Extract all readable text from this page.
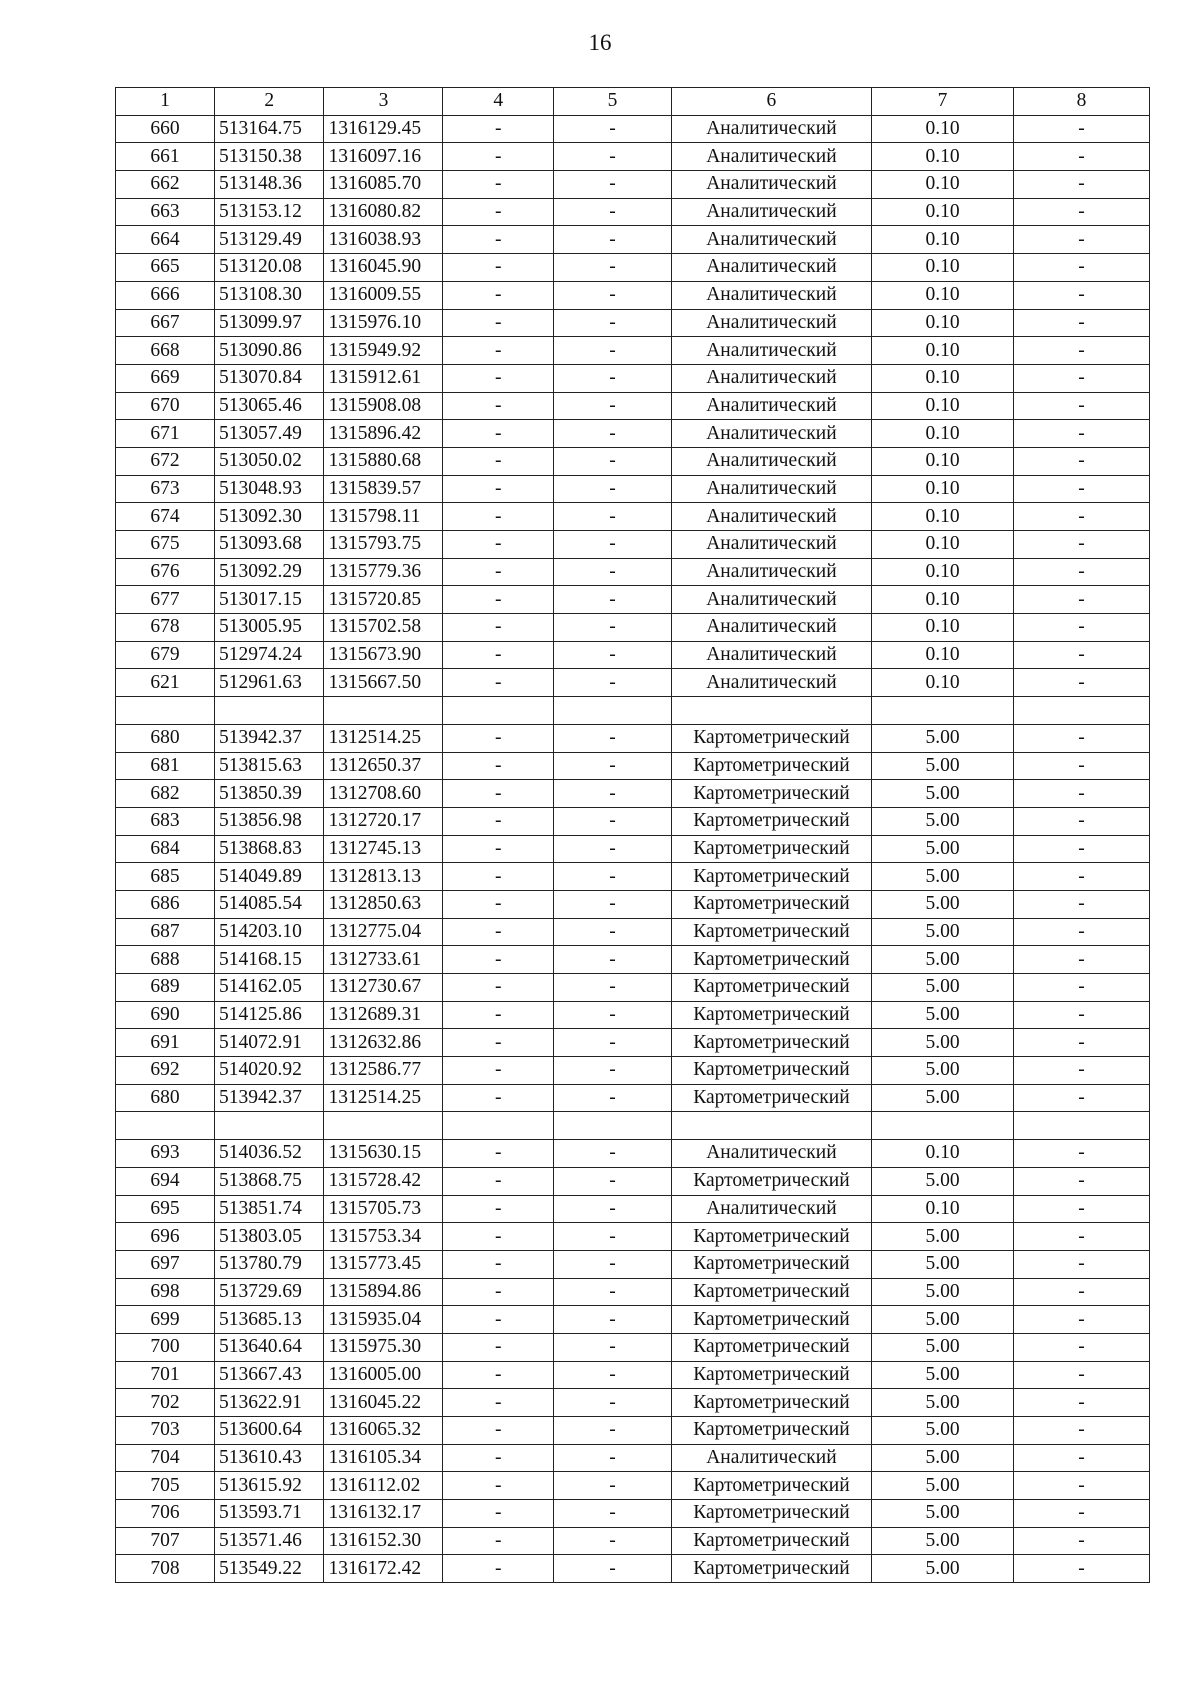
16
1	2	3	4	5	6	7	8
660	513164.75	1316129.45	-	-	Аналитический	0.10	-
661	513150.38	1316097.16	-	-	Аналитический	0.10	-
662	513148.36	1316085.70	-	-	Аналитический	0.10	-
663	513153.12	1316080.82	-	-	Аналитический	0.10	-
664	513129.49	1316038.93	-	-	Аналитический	0.10	-
665	513120.08	1316045.90	-	-	Аналитический	0.10	-
666	513108.30	1316009.55	-	-	Аналитический	0.10	-
667	513099.97	1315976.10	-	-	Аналитический	0.10	-
668	513090.86	1315949.92	-	-	Аналитический	0.10	-
669	513070.84	1315912.61	-	-	Аналитический	0.10	-
670	513065.46	1315908.08	-	-	Аналитический	0.10	-
671	513057.49	1315896.42	-	-	Аналитический	0.10	-
672	513050.02	1315880.68	-	-	Аналитический	0.10	-
673	513048.93	1315839.57	-	-	Аналитический	0.10	-
674	513092.30	1315798.11	-	-	Аналитический	0.10	-
675	513093.68	1315793.75	-	-	Аналитический	0.10	-
676	513092.29	1315779.36	-	-	Аналитический	0.10	-
677	513017.15	1315720.85	-	-	Аналитический	0.10	-
678	513005.95	1315702.58	-	-	Аналитический	0.10	-
679	512974.24	1315673.90	-	-	Аналитический	0.10	-
621	512961.63	1315667.50	-	-	Аналитический	0.10	-

680	513942.37	1312514.25	-	-	Картометрический	5.00	-
681	513815.63	1312650.37	-	-	Картометрический	5.00	-
682	513850.39	1312708.60	-	-	Картометрический	5.00	-
683	513856.98	1312720.17	-	-	Картометрический	5.00	-
684	513868.83	1312745.13	-	-	Картометрический	5.00	-
685	514049.89	1312813.13	-	-	Картометрический	5.00	-
686	514085.54	1312850.63	-	-	Картометрический	5.00	-
687	514203.10	1312775.04	-	-	Картометрический	5.00	-
688	514168.15	1312733.61	-	-	Картометрический	5.00	-
689	514162.05	1312730.67	-	-	Картометрический	5.00	-
690	514125.86	1312689.31	-	-	Картометрический	5.00	-
691	514072.91	1312632.86	-	-	Картометрический	5.00	-
692	514020.92	1312586.77	-	-	Картометрический	5.00	-
680	513942.37	1312514.25	-	-	Картометрический	5.00	-

693	514036.52	1315630.15	-	-	Аналитический	0.10	-
694	513868.75	1315728.42	-	-	Картометрический	5.00	-
695	513851.74	1315705.73	-	-	Аналитический	0.10	-
696	513803.05	1315753.34	-	-	Картометрический	5.00	-
697	513780.79	1315773.45	-	-	Картометрический	5.00	-
698	513729.69	1315894.86	-	-	Картометрический	5.00	-
699	513685.13	1315935.04	-	-	Картометрический	5.00	-
700	513640.64	1315975.30	-	-	Картометрический	5.00	-
701	513667.43	1316005.00	-	-	Картометрический	5.00	-
702	513622.91	1316045.22	-	-	Картометрический	5.00	-
703	513600.64	1316065.32	-	-	Картометрический	5.00	-
704	513610.43	1316105.34	-	-	Аналитический	5.00	-
705	513615.92	1316112.02	-	-	Картометрический	5.00	-
706	513593.71	1316132.17	-	-	Картометрический	5.00	-
707	513571.46	1316152.30	-	-	Картометрический	5.00	-
708	513549.22	1316172.42	-	-	Картометрический	5.00	-
